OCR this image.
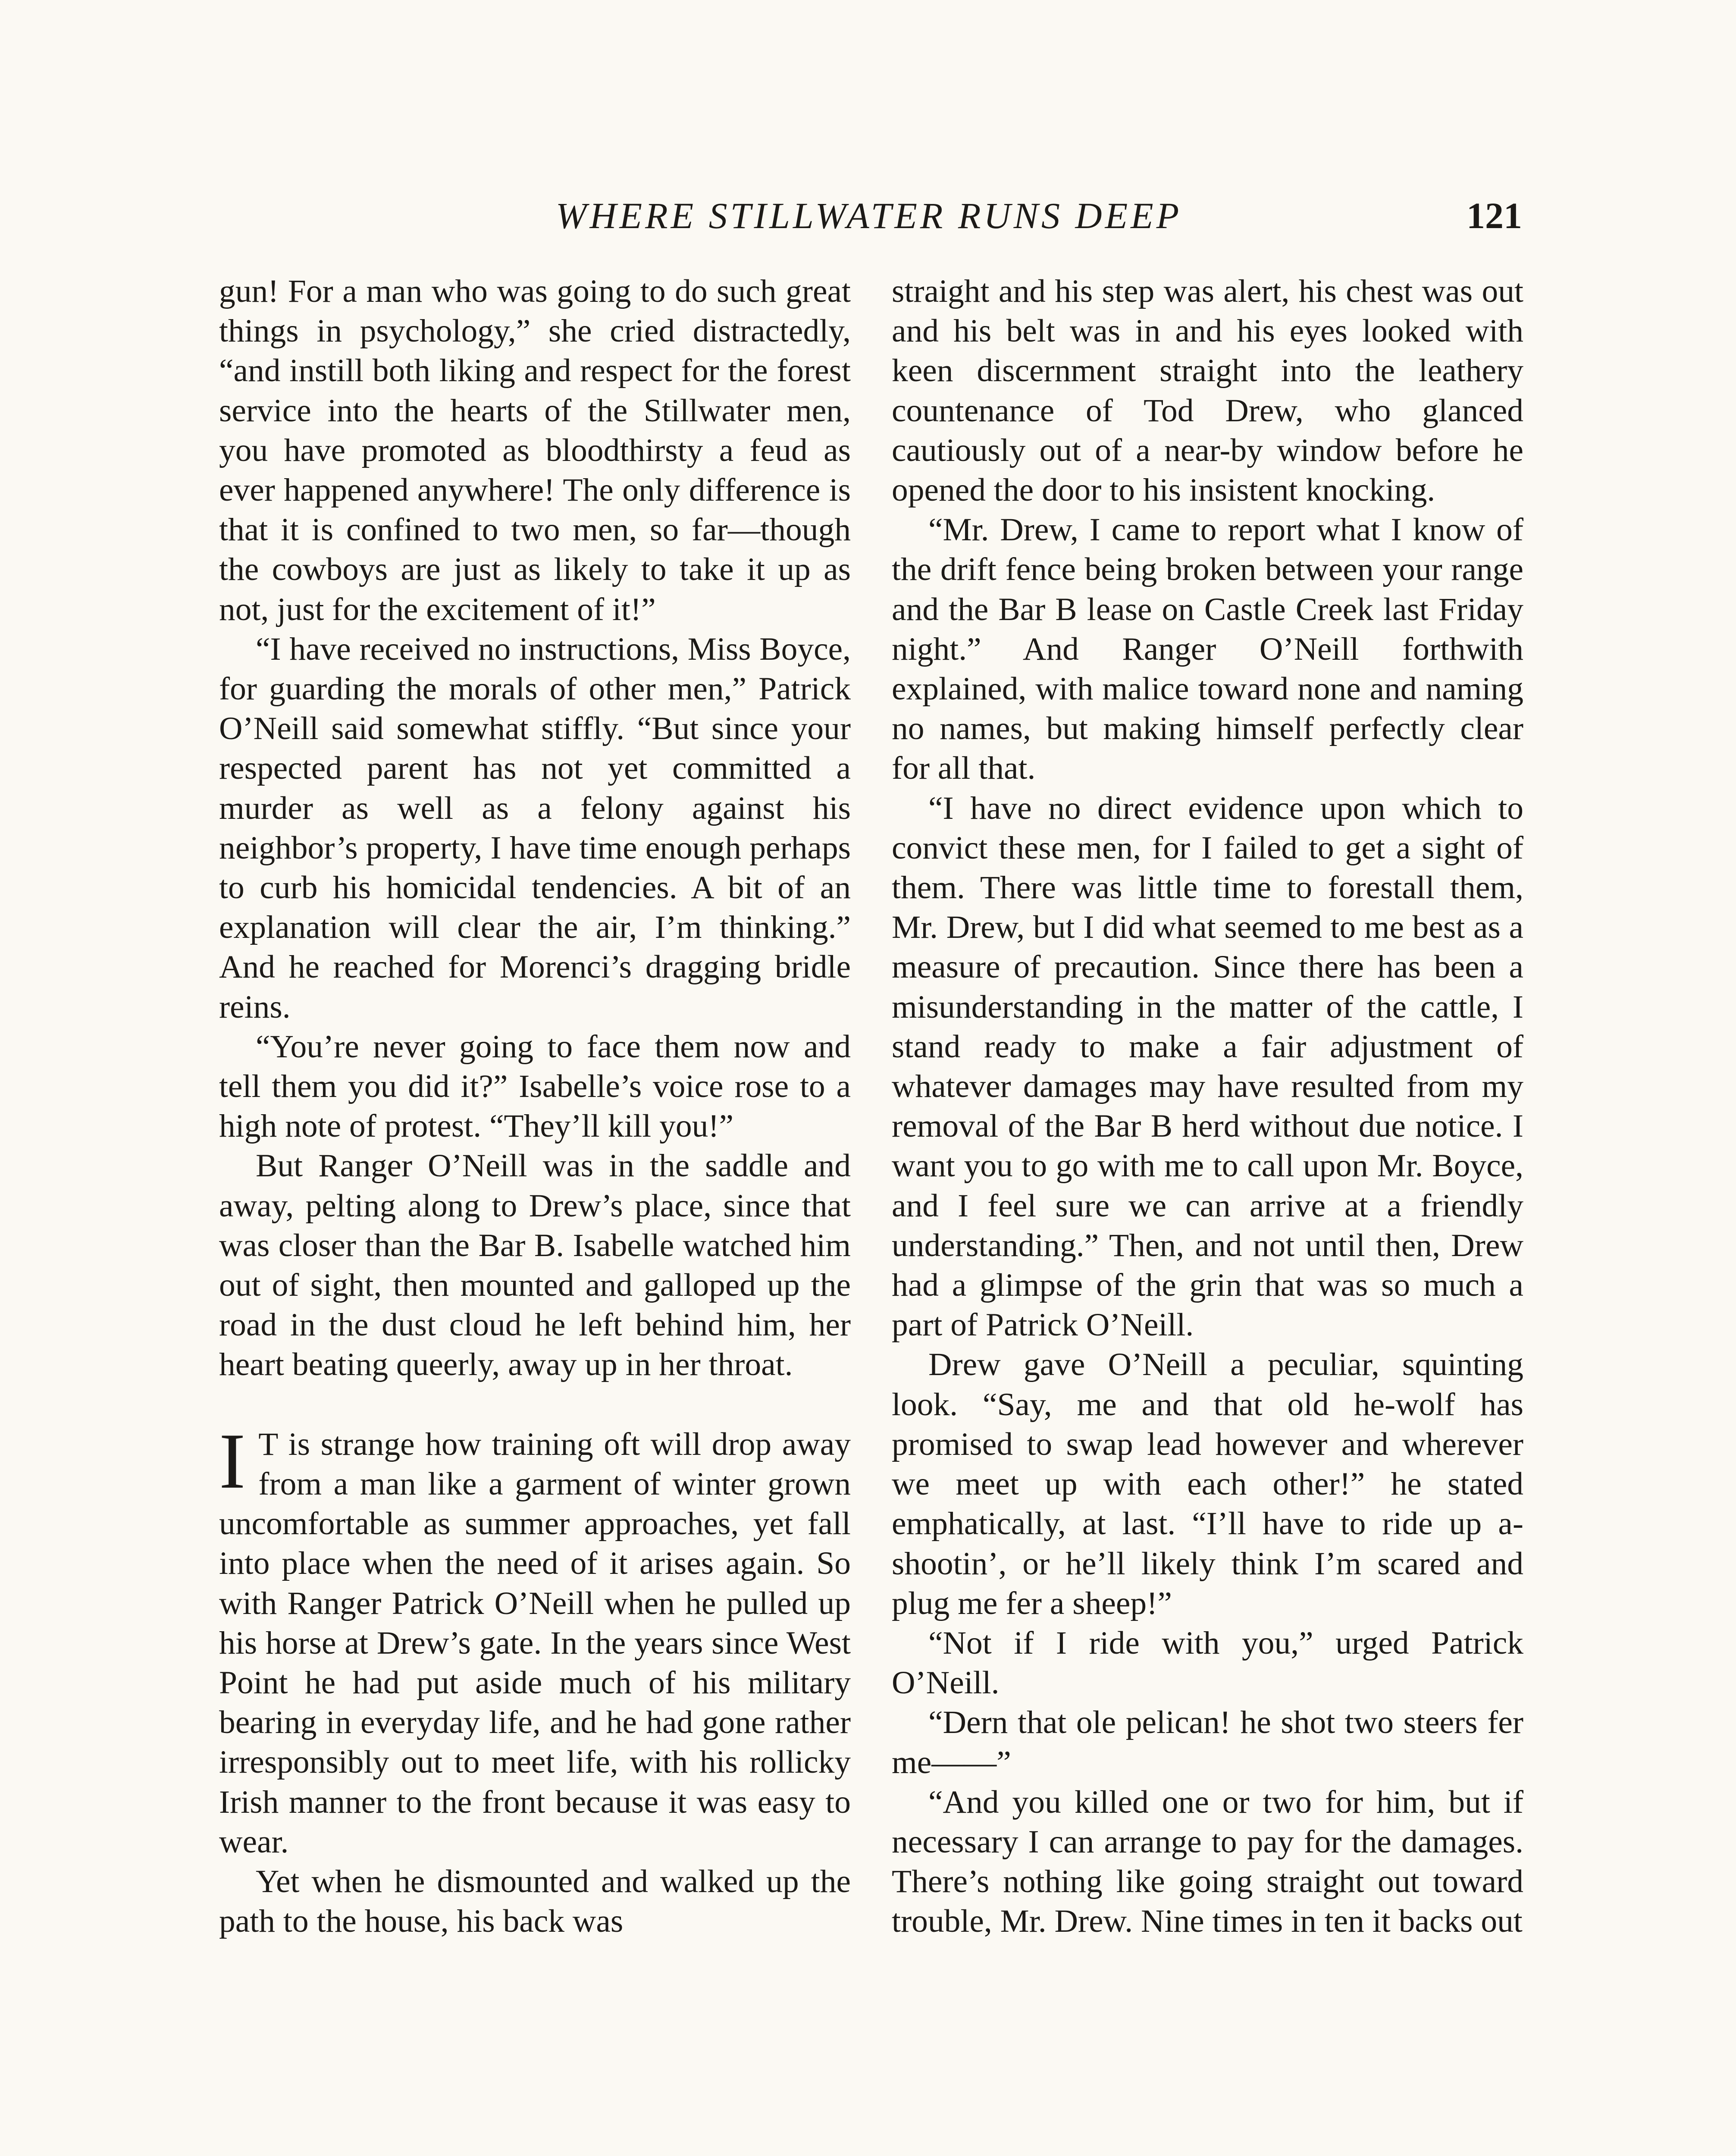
WHERE STILLWATER RUNS DEEP	121

gun! For a man who was going to do such great things in psychology,” she cried distractedly, “and instill both liking and respect for the forest service into the hearts of the Stillwater men, you have promoted as bloodthirsty a feud as ever happened anywhere! The only difference is that it is confined to two men, so far—though the cowboys are just as likely to take it up as not, just for the excitement of it!”

“I have received no instructions, Miss Boyce, for guarding the morals of other men,” Patrick O’Neill said somewhat stiffly. “But since your respected parent has not yet committed a murder as well as a felony against his neighbor’s property, I have time enough perhaps to curb his homicidal tendencies. A bit of an explanation will clear the air, I’m thinking.” And he reached for Morenci’s dragging bridle reins.

“You’re never going to face them now and tell them you did it?” Isabelle’s voice rose to a high note of protest. “They’ll kill you!”

But Ranger O’Neill was in the saddle and away, pelting along to Drew’s place, since that was closer than the Bar B. Isabelle watched him out of sight, then mounted and galloped up the road in the dust cloud he left behind him, her heart beating queerly, away up in her throat.

I T is strange how training oft will drop away from a man like a garment of winter grown uncomfortable as summer approaches, yet fall into place when the need of it arises again. So with Ranger Patrick O’Neill when he pulled up his horse at Drew’s gate. In the years since West Point he had put aside much of his military bearing in everyday life, and he had gone rather irresponsibly out to meet life, with his rollicky Irish manner to the front because it was easy to wear.

Yet when he dismounted and walked up the path to the house, his back was

straight and his step was alert, his chest was out and his belt was in and his eyes looked with keen discernment straight into the leathery countenance of Tod Drew, who glanced cautiously out of a near-by window before he opened the door to his insistent knocking.

“Mr. Drew, I came to report what I know of the drift fence being broken between your range and the Bar B lease on Castle Creek last Friday night.” And Ranger O’Neill forthwith explained, with malice toward none and naming no names, but making himself perfectly clear for all that.

“I have no direct evidence upon which to convict these men, for I failed to get a sight of them. There was little time to forestall them, Mr. Drew, but I did what seemed to me best as a measure of precaution. Since there has been a misunderstanding in the matter of the cattle, I stand ready to make a fair adjustment of whatever damages may have resulted from my removal of the Bar B herd without due notice. I want you to go with me to call upon Mr. Boyce, and I feel sure we can arrive at a friendly understanding.” Then, and not until then, Drew had a glimpse of the grin that was so much a part of Patrick O’Neill.

Drew gave O’Neill a peculiar, squinting look. “Say, me and that old he-wolf has promised to swap lead however and wherever we meet up with each other!” he stated emphatically, at last. “I’ll have to ride up a-shootin’, or he’ll likely think I’m scared and plug me fer a sheep!”

“Not if I ride with you,” urged Patrick O’Neill.

“Dern that ole pelican! he shot two steers fer me——”

“And you killed one or two for him, but if necessary I can arrange to pay for the damages. There’s nothing like going straight out toward trouble, Mr. Drew. Nine times in ten it backs out
